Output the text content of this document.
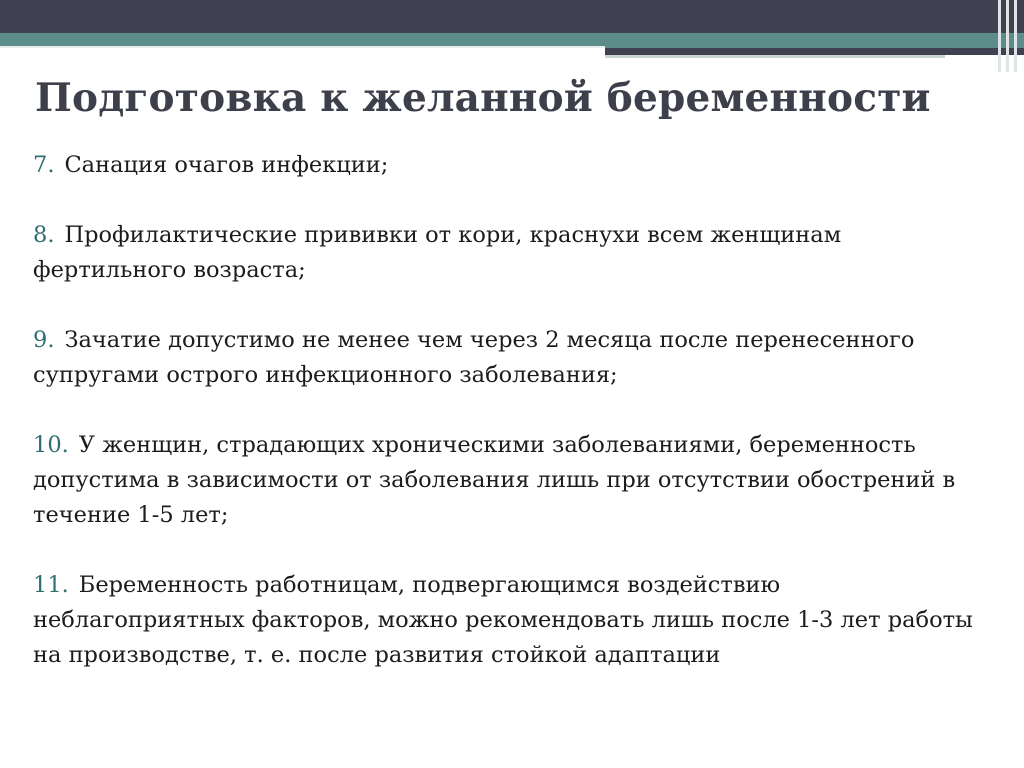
Подготовка к желанной беременности

7. Санация очагов инфекции;

8. Профилактические прививки от кори, краснухи всем женщинам фертильного возраста;

9. Зачатие допустимо не менее чем через 2 месяца после перенесенного супругами острого инфекционного заболевания;

10. У женщин, страдающих хроническими заболеваниями, беременность допустима в зависимости от заболевания лишь при отсутствии обострений в течение 1-5 лет;

11. Беременность работницам, подвергающимся воздействию неблагоприятных факторов, можно рекомендовать лишь после 1-3 лет работы на производстве, т. е. после развития стойкой адаптации
